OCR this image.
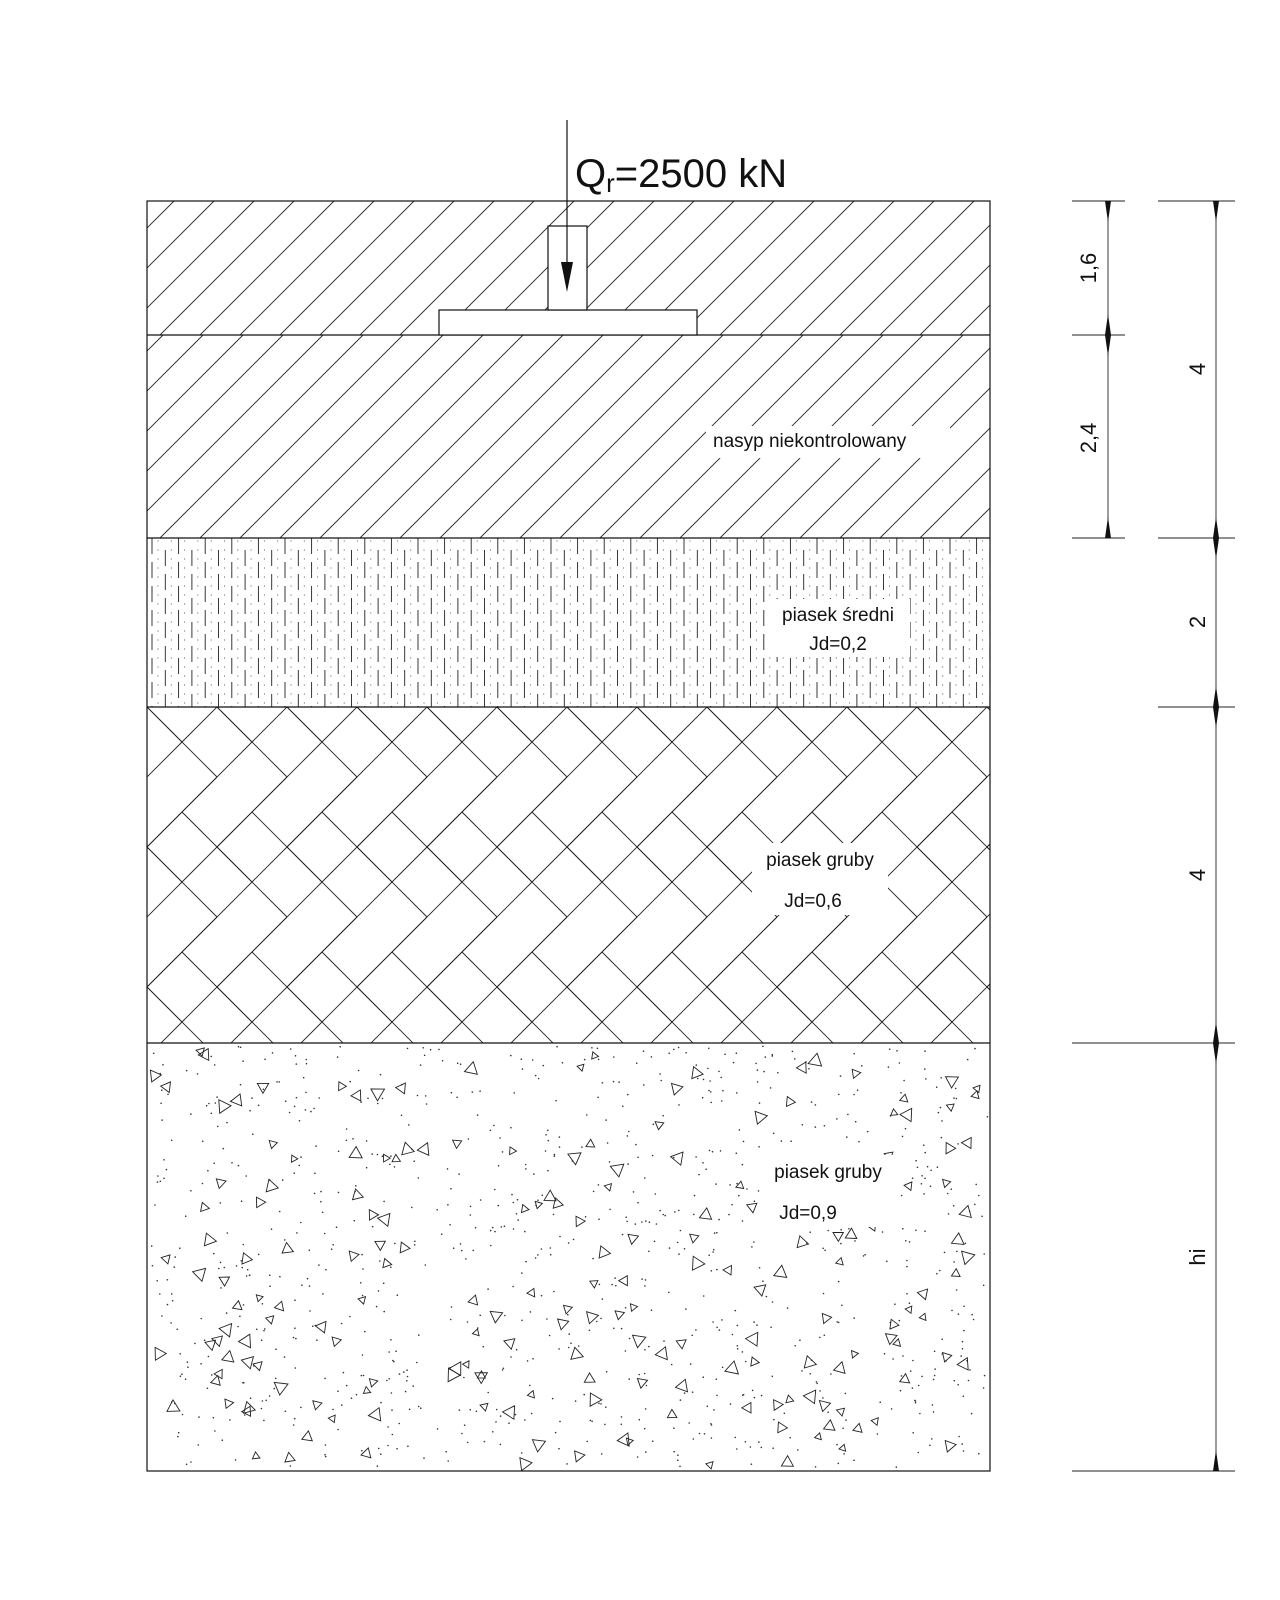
Qr=2500 kN
nasyp niekontrolowany
piasek średni
Jd=0,2
piasek gruby
Jd=0,6
piasek gruby
Jd=0,9
1,6
2,4
4
2
4
hi
